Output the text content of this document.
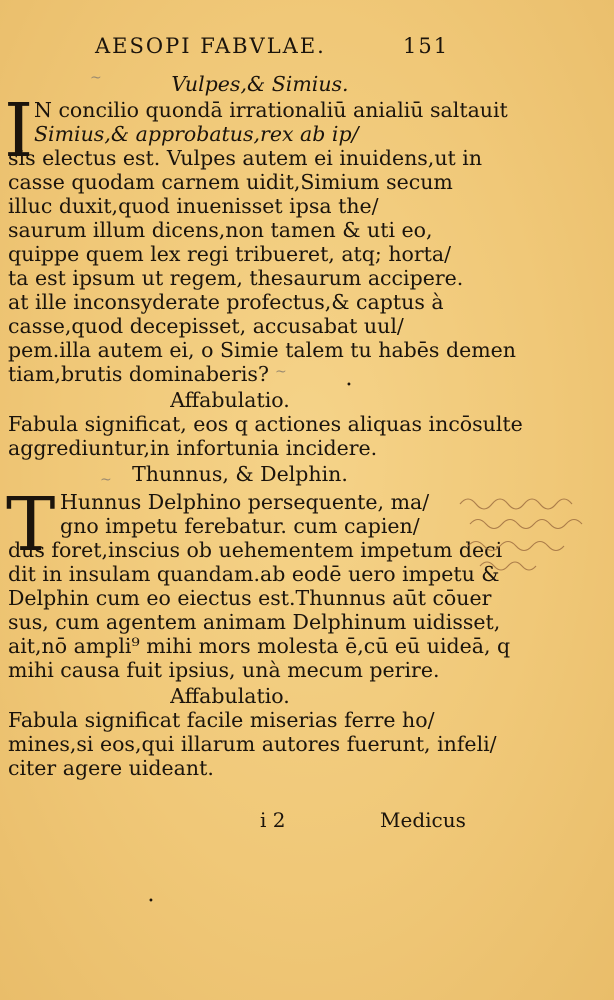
AESOPI FABVLAE.	151
Vulpes,& Simius.
I N concilio quondā irrationaliū anialiū saltauit
Simius,& approbatus,rex ab ip/
sis electus est. Vulpes autem ei inuidens,ut in
casse quodam carnem uidit,Simium secum
illuc duxit,quod inuenisset ipsa the/
saurum illum dicens,non tamen & uti eo,
quippe quem lex regi tribueret, atq; horta/
ta est ipsum ut regem, thesaurum accipere.
at ille inconsyderate profectus,& captus à
casse,quod decepisset, accusabat uul/
pem.illa autem ei, o Simie talem tu habēs demen
tiam,brutis dominaberis?
Affabulatio.
Fabula significat, eos q actiones aliquas incōsulte
aggrediuntur,in infortunia incidere.
Thunnus, & Delphin.
T Hunnus Delphino persequente, ma/
gno impetu ferebatur. cum capien/
dus foret,inscius ob uehementem impetum deci
dit in insulam quandam.ab eodē uero impetu &
Delphin cum eo eiectus est.Thunnus aūt cōuer
sus, cum agentem animam Delphinum uidisset,
ait,nō ampli⁹ mihi mors molesta ē,cū eū uideā, q
mihi causa fuit ipsius, unà mecum perire.
Affabulatio.
Fabula significat facile miserias ferre ho/
mines,si eos,qui illarum autores fuerunt, infeli/
citer agere uideant.
i 2	Medicus
~
~
~
•
•
